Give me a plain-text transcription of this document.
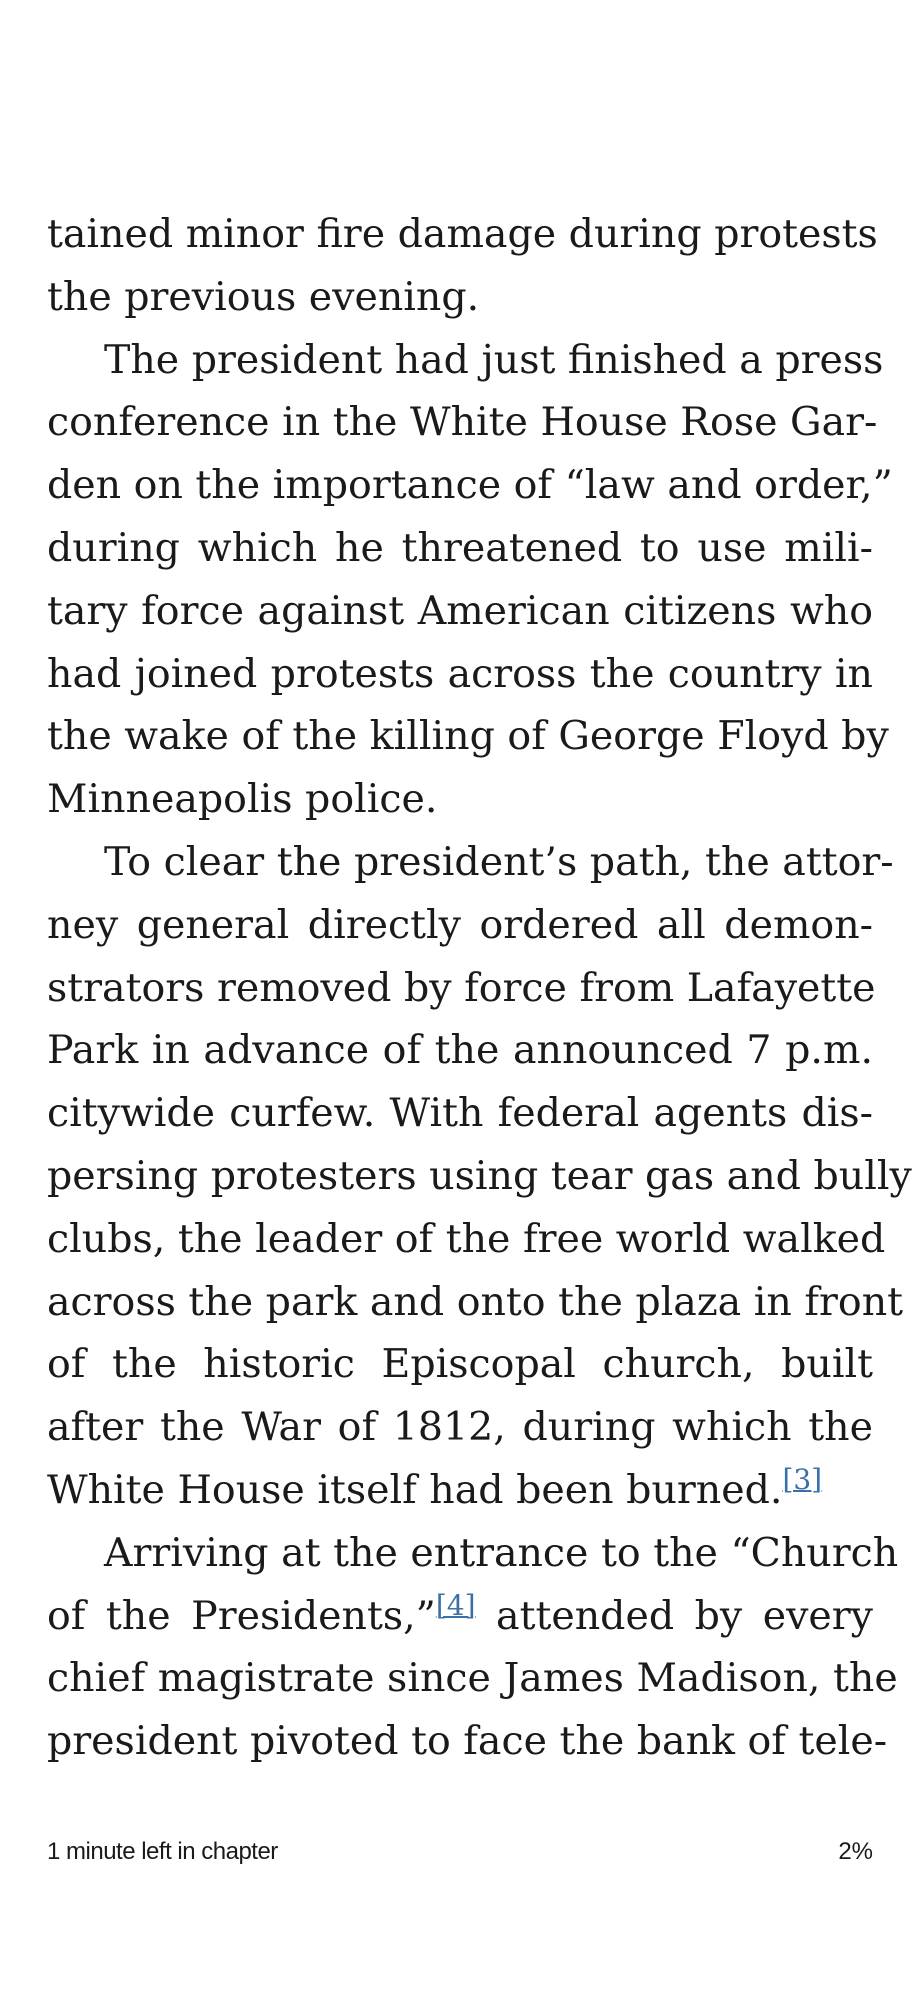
tained minor fire damage during protests
the previous evening.
The president had just finished a press
conference in the White House Rose Gar-
den on the importance of “law and order,”
during which he threatened to use mili-
tary force against American citizens who
had joined protests across the country in
the wake of the killing of George Floyd by
Minneapolis police.
To clear the president’s path, the attor-
ney general directly ordered all demon-
strators removed by force from Lafayette
Park in advance of the announced 7 p.m.
citywide curfew. With federal agents dis-
persing protesters using tear gas and bully
clubs, the leader of the free world walked
across the park and onto the plaza in front
of the historic Episcopal church, built
after the War of 1812, during which the
White House itself had been burned.[3]
Arriving at the entrance to the “Church
of the Presidents,”[4] attended by every
chief magistrate since James Madison, the
president pivoted to face the bank of tele-
1 minute left in chapter	2%
